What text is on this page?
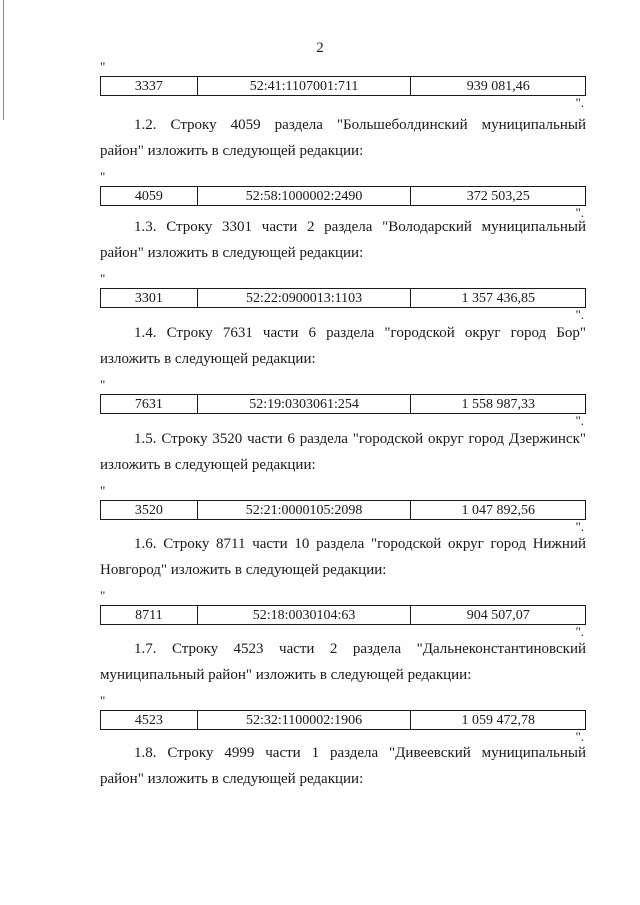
2
"
3337	52:41:1107001:711	939 081,46
".
1.2. Строку 4059 раздела "Большеболдинский муниципальный
район" изложить в следующей редакции:
"
4059	52:58:1000002:2490	372 503,25
".
1.3. Строку 3301 части 2 раздела "Володарский муниципальный
район" изложить в следующей редакции:
"
3301	52:22:0900013:1103	1 357 436,85
".
1.4. Строку 7631 части 6 раздела "городской округ город Бор"
изложить в следующей редакции:
"
7631	52:19:0303061:254	1 558 987,33
".
1.5. Строку 3520 части 6 раздела "городской округ город Дзержинск"
изложить в следующей редакции:
"
3520	52:21:0000105:2098	1 047 892,56
".
1.6. Строку 8711 части 10 раздела "городской округ город Нижний
Новгород" изложить в следующей редакции:
"
8711	52:18:0030104:63	904 507,07
".
1.7. Строку 4523 части 2 раздела "Дальнеконстантиновский
муниципальный район" изложить в следующей редакции:
"
4523	52:32:1100002:1906	1 059 472,78
".
1.8. Строку 4999 части 1 раздела "Дивеевский муниципальный
район" изложить в следующей редакции:
